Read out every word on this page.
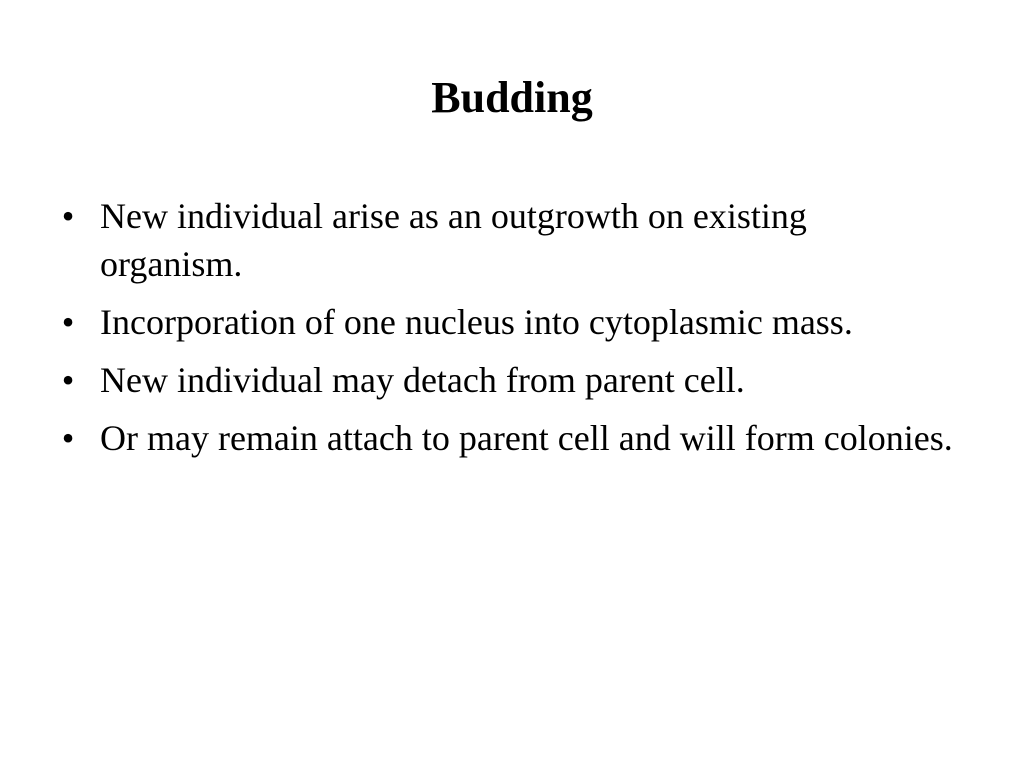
Budding
• New individual arise as an outgrowth on existing organism.
• Incorporation of one nucleus into cytoplasmic mass.
• New individual may detach from parent cell.
• Or may remain attach to parent cell and will form colonies.
